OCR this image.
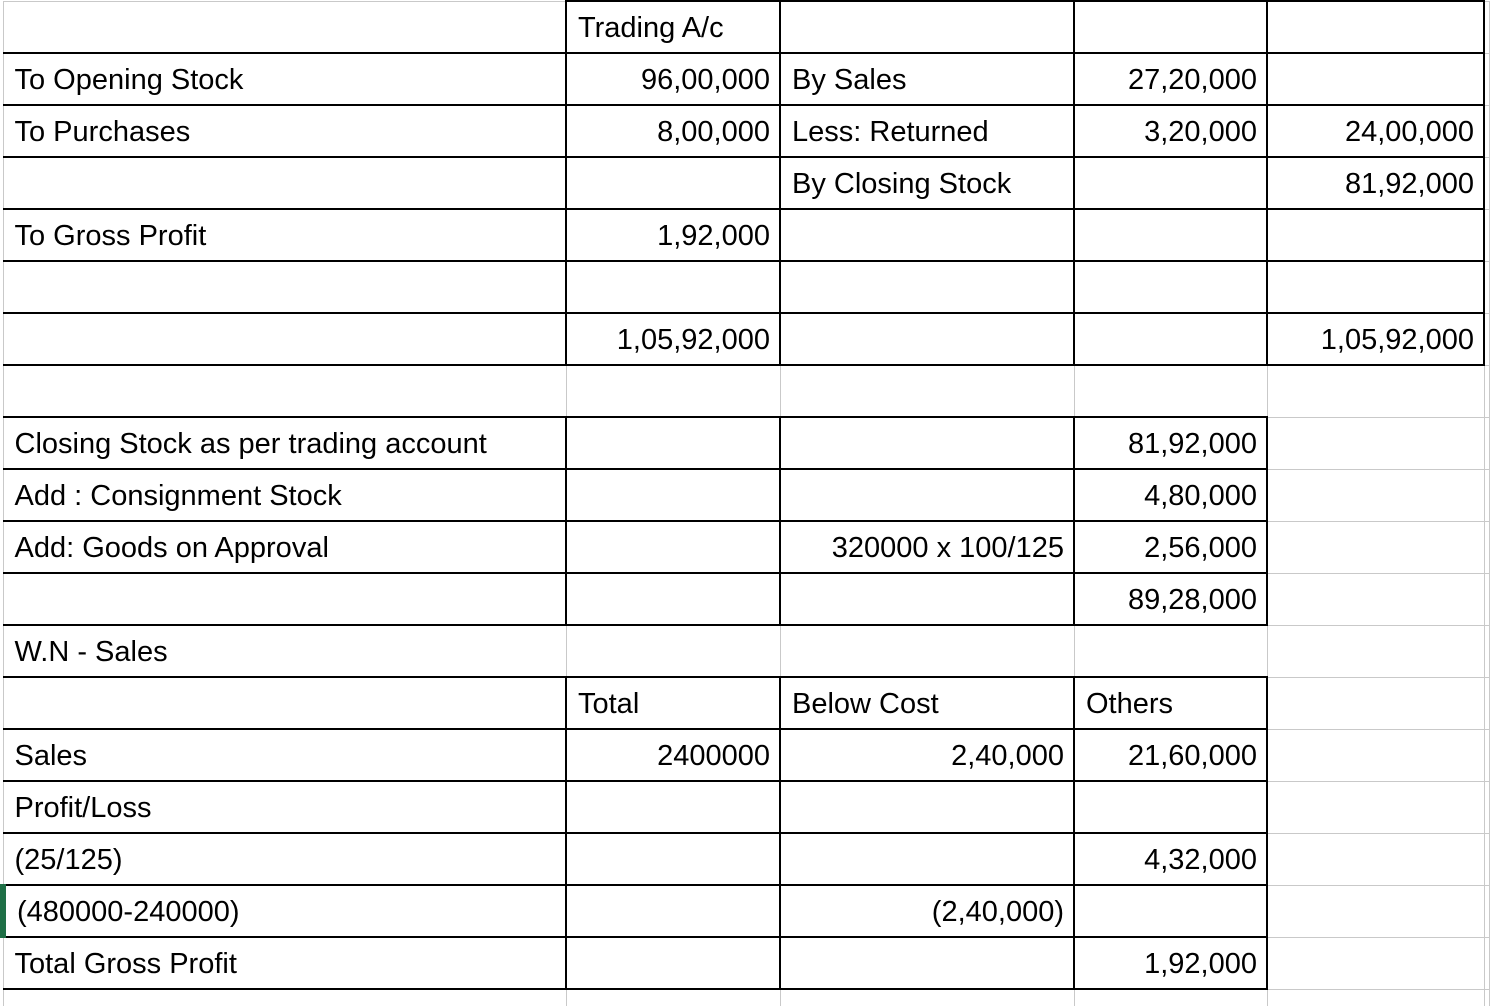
	Trading A/c				
To Opening Stock	96,00,000	By Sales	27,20,000		
To Purchases	8,00,000	Less: Returned	3,20,000	24,00,000	
		By Closing Stock		81,92,000	
To Gross Profit	1,92,000				

	1,05,92,000			1,05,92,000	

Closing Stock as per trading account			81,92,000		
Add : Consignment Stock			4,80,000		
Add: Goods on Approval		320000 x 100/125	2,56,000		
			89,28,000		
W.N - Sales					
	Total	Below Cost	Others		
Sales	2400000	2,40,000	21,60,000		
Profit/Loss					
(25/125)			4,32,000		
(480000-240000)		(2,40,000)			
Total Gross Profit			1,92,000		
